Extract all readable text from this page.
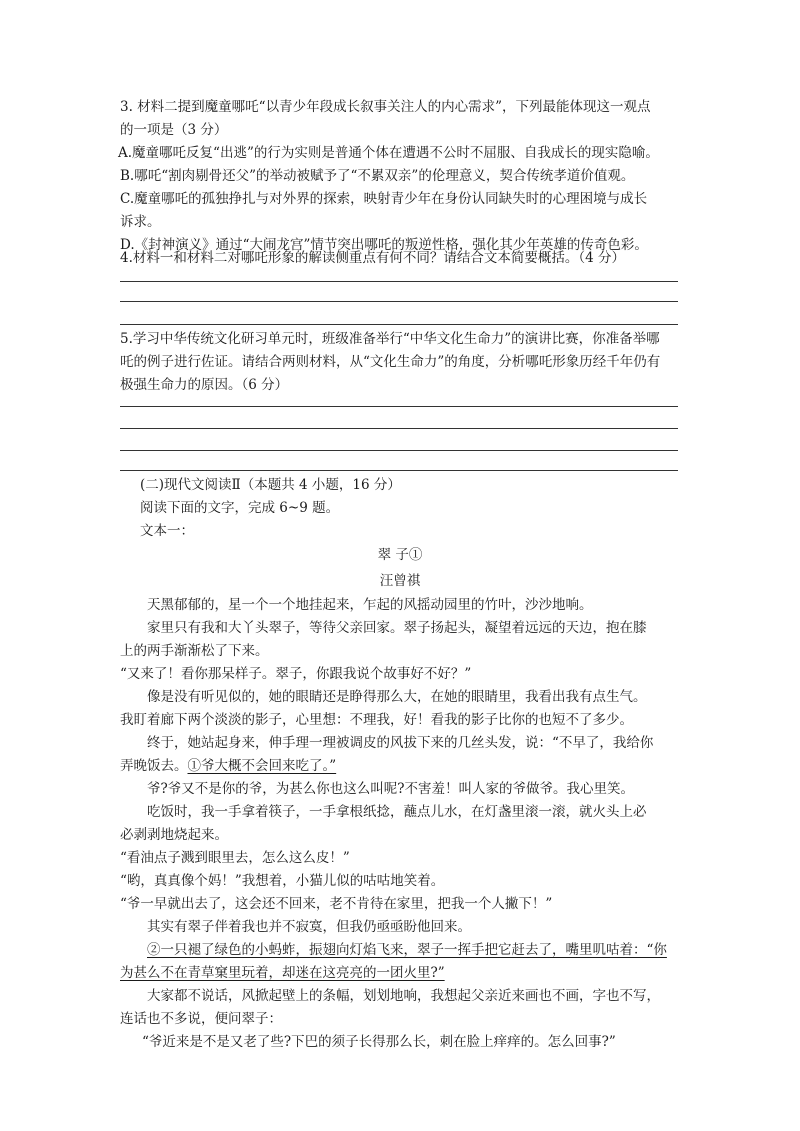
3. 材料二提到魔童哪吒“以青少年段成长叙事关注人的内心需求”，下列最能体现这一观点
的一项是（3 分）
A.魔童哪吒反复“出逃”的行为实则是普通个体在遭遇不公时不屈服、自我成长的现实隐喻。
B.哪吒“割肉剔骨还父”的举动被赋予了“不累双亲”的伦理意义，契合传统孝道价值观。
C.魔童哪吒的孤独挣扎与对外界的探索，映射青少年在身份认同缺失时的心理困境与成长
诉求。
D.《封神演义》通过“大闹龙宫”情节突出哪吒的叛逆性格，强化其少年英雄的传奇色彩。
4.材料一和材料二对哪吒形象的解读侧重点有何不同？请结合文本简要概括。（4 分）
5.学习中华传统文化研习单元时，班级准备举行“中华文化生命力”的演讲比赛，你准备举哪
吒的例子进行佐证。请结合两则材料，从“文化生命力”的角度，分析哪吒形象历经千年仍有
极强生命力的原因。（6 分）
(二)现代文阅读Ⅱ（本题共 4 小题，16 分）
阅读下面的文字，完成 6~9 题。
文本一：
翠 子①
汪曾祺
天黑郁郁的，星一个一个地挂起来，乍起的风摇动园里的竹叶，沙沙地响。
家里只有我和大丫头翠子，等待父亲回家。翠子扬起头，凝望着远远的天边，抱在膝
上的两手渐渐松了下来。
“又来了！看你那呆样子。翠子，你跟我说个故事好不好？”
像是没有听见似的，她的眼睛还是睁得那么大，在她的眼睛里，我看出我有点生气。
我盯着廊下两个淡淡的影子，心里想：不理我，好！看我的影子比你的也短不了多少。
终于，她站起身来，伸手理一理被调皮的风拔下来的几丝头发，说：“不早了，我给你
弄晚饭去。①爷大概不会回来吃了。”
爷?爷又不是你的爷，为甚么你也这么叫呢?不害羞！叫人家的爷做爷。我心里笑。
吃饭时，我一手拿着筷子，一手拿根纸捻，蘸点儿水，在灯盏里滚一滚，就火头上必
必剥剥地烧起来。
“看油点子溅到眼里去，怎么这么皮！”
“哟，真真像个妈！”我想着，小猫儿似的咕咕地笑着。
“爷一早就出去了，这会还不回来，老不肯待在家里，把我一个人撇下！”
其实有翠子伴着我也并不寂寞，但我仍亟亟盼他回来。
②一只褪了绿色的小蚂蚱，振翅向灯焰飞来，翠子一挥手把它赶去了，嘴里叽咕着：“你
为甚么不在青草窠里玩着，却迷在这亮亮的一团火里?”
大家都不说话，风掀起壁上的条幅，划划地响，我想起父亲近来画也不画，字也不写，
连话也不多说，便问翠子：
“爷近来是不是又老了些?下巴的须子长得那么长，刺在脸上痒痒的。怎么回事?”
